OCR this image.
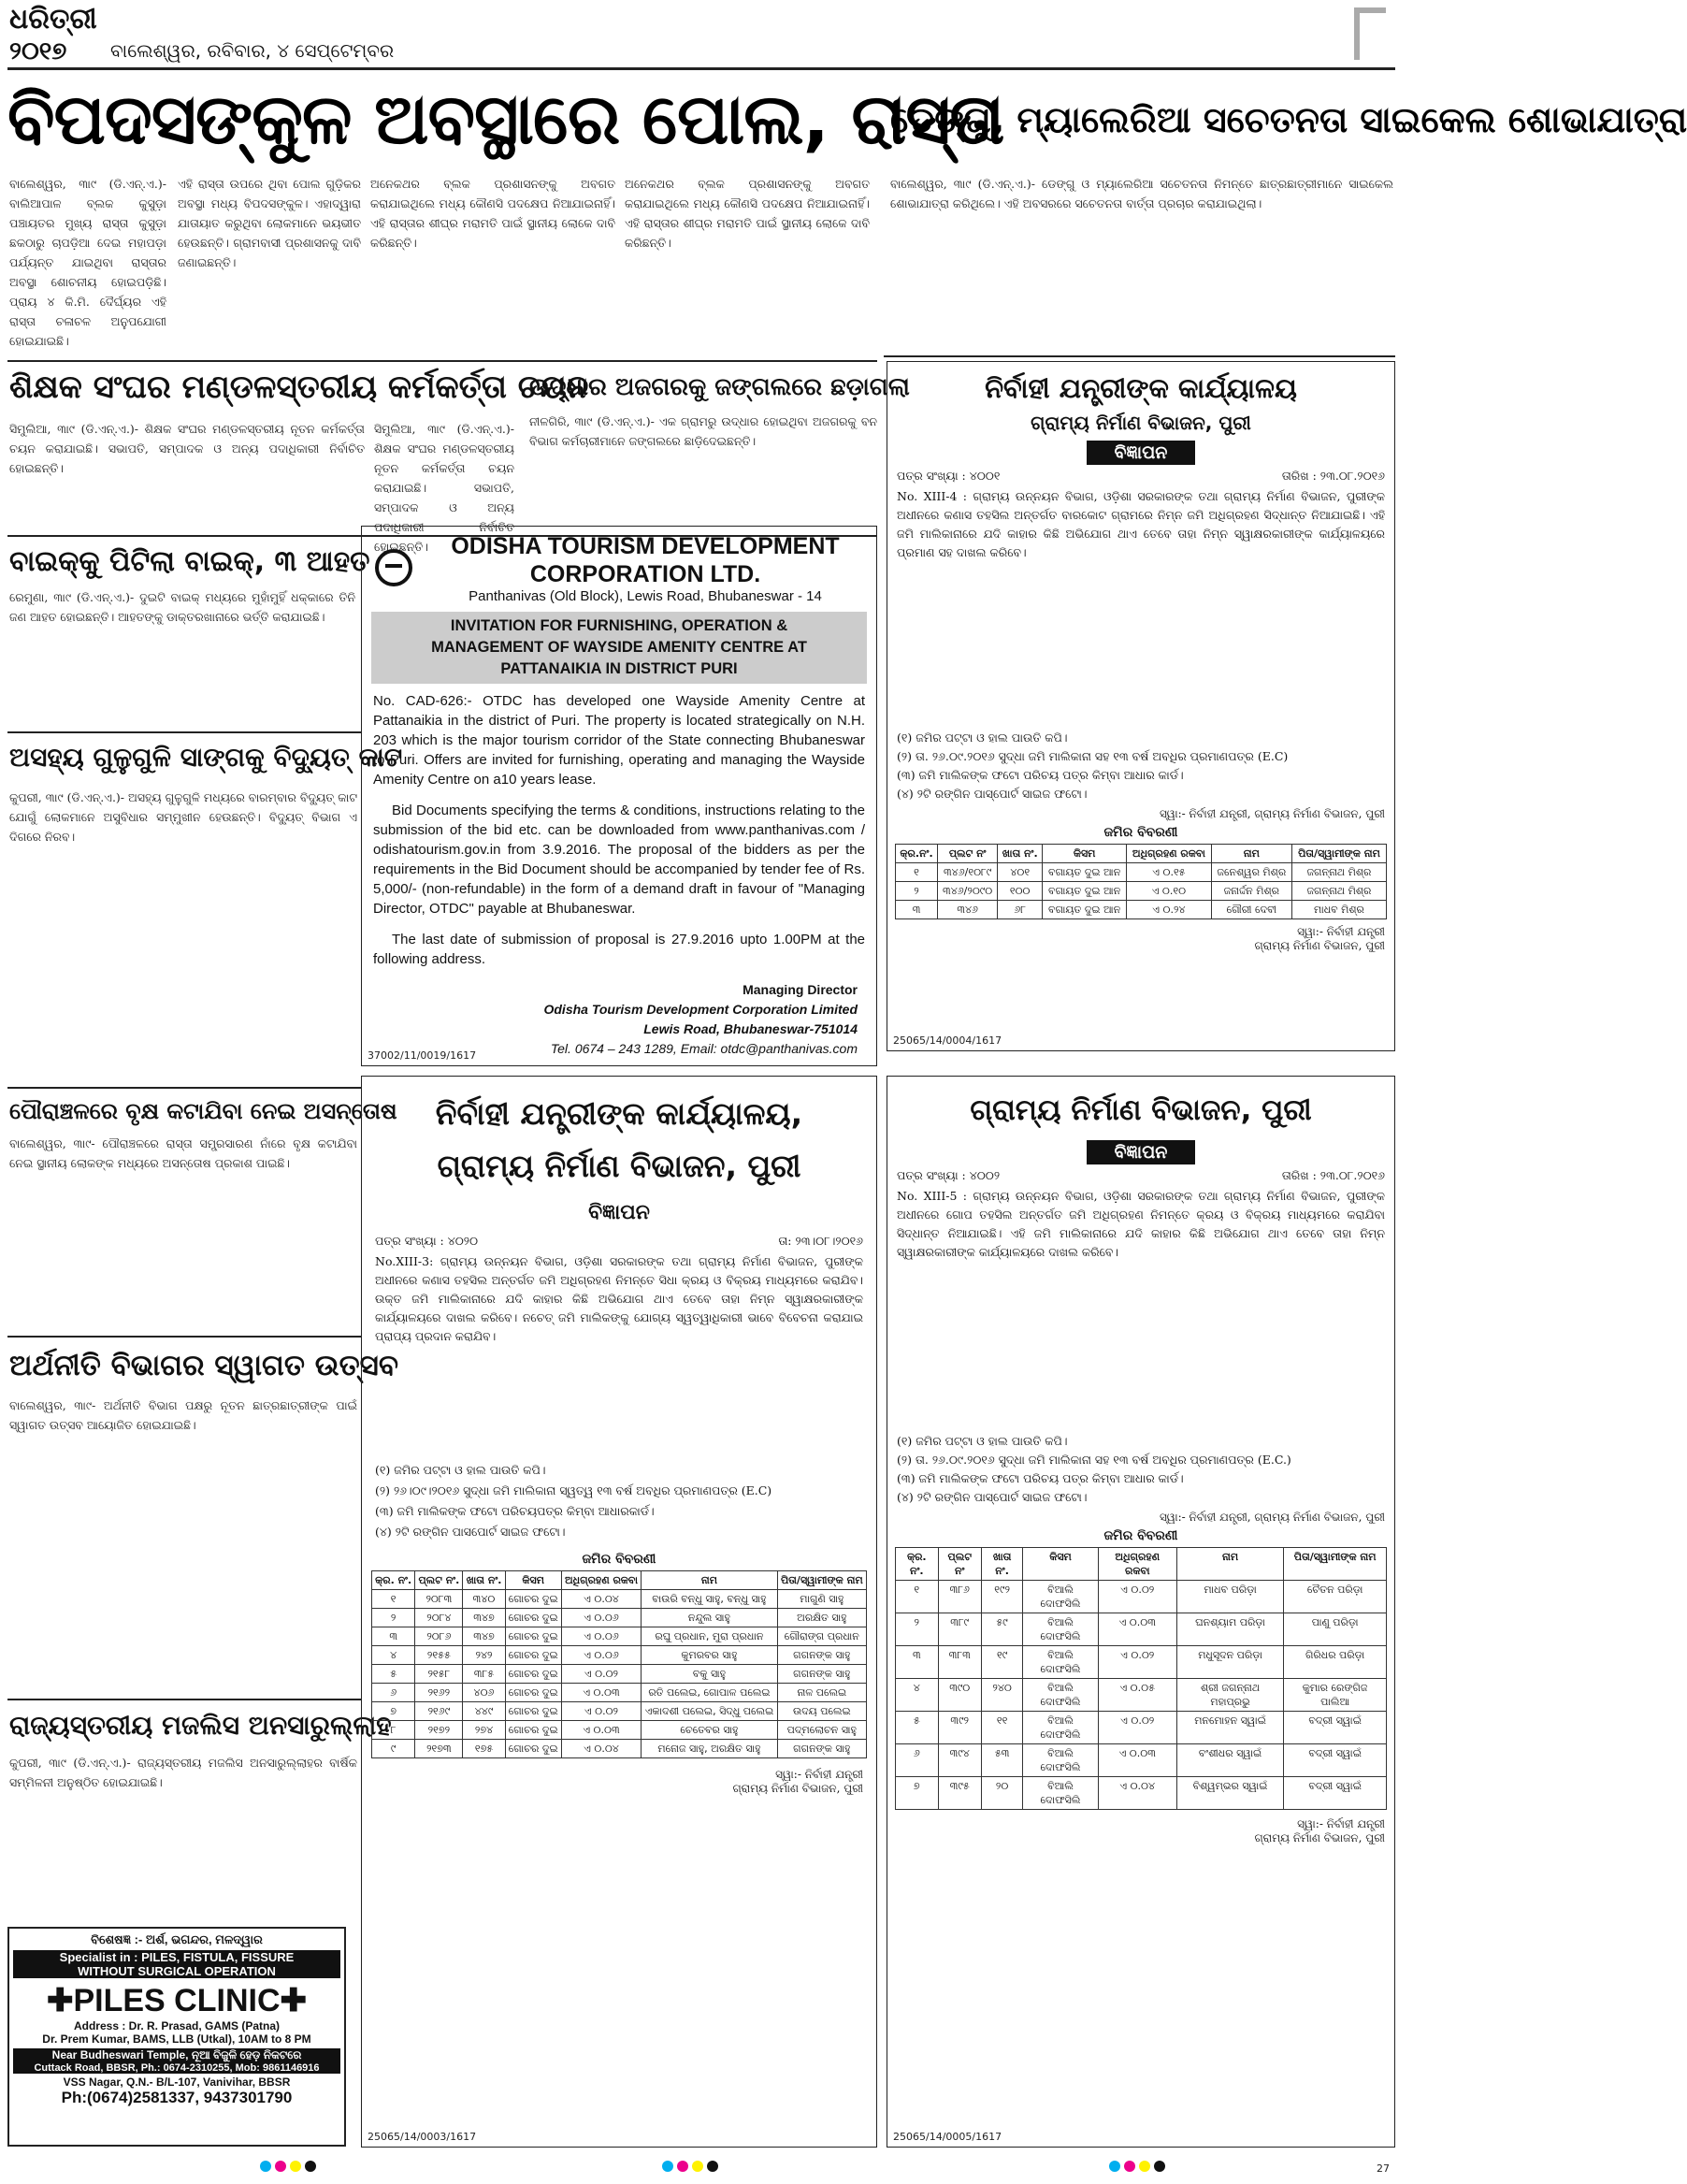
ଧରିତ୍ରୀ
୨୦୧୭ ବାଲେଶ୍ୱର, ରବିବାର, ୪ ସେପ୍ଟେମ୍ବର
ବିପଦସଙ୍କୁଳ ଅବସ୍ଥାରେ ପୋଲ, ରାସ୍ତା
ଡେଙ୍ଗୁ, ମ୍ୟାଲେରିଆ ସଚେତନତା ସାଇକେଲ ଶୋଭାଯାତ୍ରା
ବାଲେଶ୍ୱର, ୩ା୯ (ଡି.ଏନ୍.ଏ.)- ବାଲିଆପାଳ ବ୍ଲକ କୁସୁଡ଼ା ପଞ୍ଚାୟତର ମୁଖ୍ୟ ରାସ୍ତା କୁସୁଡ଼ା ଛକଠାରୁ ଚାପଡ଼ିଆ ଦେଇ ମହାପଡ଼ା ପର୍ଯ୍ୟନ୍ତ ଯାଇଥିବା ରାସ୍ତାର ଅବସ୍ଥା ଶୋଚନୀୟ ହୋଇପଡ଼ିଛି। ପ୍ରାୟ ୪ କି.ମି. ଦୈର୍ଘ୍ୟର ଏହି ରାସ୍ତା ଚଳାଚଳ ଅନୁପଯୋଗୀ ହୋଇଯାଇଛି।
ଏହି ରାସ୍ତା ଉପରେ ଥିବା ପୋଲ ଗୁଡ଼ିକର ଅବସ୍ଥା ମଧ୍ୟ ବିପଦସଙ୍କୁଳ। ଏହାଦ୍ୱାରା ଯାତାୟାତ କରୁଥିବା ଲୋକମାନେ ଭୟଭୀତ ହେଉଛନ୍ତି। ଗ୍ରାମବାସୀ ପ୍ରଶାସନକୁ ଦାବି ଜଣାଇଛନ୍ତି।
ଅନେକଥର ବ୍ଲକ ପ୍ରଶାସନଙ୍କୁ ଅବଗତ କରାଯାଇଥିଲେ ମଧ୍ୟ କୌଣସି ପଦକ୍ଷେପ ନିଆଯାଇନାହିଁ। ଏହି ରାସ୍ତାର ଶୀଘ୍ର ମରାମତି ପାଇଁ ସ୍ଥାନୀୟ ଲୋକେ ଦାବି କରିଛନ୍ତି।
ଅନେକଥର ବ୍ଲକ ପ୍ରଶାସନଙ୍କୁ ଅବଗତ କରାଯାଇଥିଲେ ମଧ୍ୟ କୌଣସି ପଦକ୍ଷେପ ନିଆଯାଇନାହିଁ। ଏହି ରାସ୍ତାର ଶୀଘ୍ର ମରାମତି ପାଇଁ ସ୍ଥାନୀୟ ଲୋକେ ଦାବି କରିଛନ୍ତି।
ବାଲେଶ୍ୱର, ୩ା୯ (ଡି.ଏନ୍.ଏ.)- ଡେଙ୍ଗୁ ଓ ମ୍ୟାଲେରିଆ ସଚେତନତା ନିମନ୍ତେ ଛାତ୍ରଛାତ୍ରୀମାନେ ସାଇକେଲ ଶୋଭାଯାତ୍ରା କରିଥିଲେ। ଏହି ଅବସରରେ ସଚେତନତା ବାର୍ତ୍ତା ପ୍ରଚାର କରାଯାଇଥିଲା।
ଶିକ୍ଷକ ସଂଘର ମଣ୍ଡଳସ୍ତରୀୟ କର୍ମକର୍ତ୍ତା ଚୟନ
ସିମୁଲିଆ, ୩ା୯ (ଡି.ଏନ୍.ଏ.)- ଶିକ୍ଷକ ସଂଘର ମଣ୍ଡଳସ୍ତରୀୟ ନୂତନ କର୍ମକର୍ତ୍ତା ଚୟନ କରାଯାଇଛି। ସଭାପତି, ସମ୍ପାଦକ ଓ ଅନ୍ୟ ପଦାଧିକାରୀ ନିର୍ବାଚିତ ହୋଇଛନ୍ତି।
ସିମୁଲିଆ, ୩ା୯ (ଡି.ଏନ୍.ଏ.)- ଶିକ୍ଷକ ସଂଘର ମଣ୍ଡଳସ୍ତରୀୟ ନୂତନ କର୍ମକର୍ତ୍ତା ଚୟନ କରାଯାଇଛି। ସଭାପତି, ସମ୍ପାଦକ ଓ ଅନ୍ୟ ପଦାଧିକାରୀ ନିର୍ବାଚିତ ହୋଇଛନ୍ତି।
ଉଦ୍ଧାର ଅଜଗରକୁ ଜଙ୍ଗଲରେ ଛଡ଼ାଗଲା
ନୀଳଗିରି, ୩ା୯ (ଡି.ଏନ୍.ଏ.)- ଏକ ଗ୍ରାମରୁ ଉଦ୍ଧାର ହୋଇଥିବା ଅଜଗରକୁ ବନ ବିଭାଗ କର୍ମଚାରୀମାନେ ଜଙ୍ଗଲରେ ଛାଡ଼ିଦେଇଛନ୍ତି।
ବାଇକ୍‌କୁ ପିଟିଲା ବାଇକ୍, ୩ ଆହତ
ରେମୁଣା, ୩ା୯ (ଡି.ଏନ୍.ଏ.)- ଦୁଇଟି ବାଇକ୍ ମଧ୍ୟରେ ମୁହାଁମୁହିଁ ଧକ୍କାରେ ତିନି ଜଣ ଆହତ ହୋଇଛନ୍ତି। ଆହତଙ୍କୁ ଡାକ୍ତରଖାନାରେ ଭର୍ତ୍ତି କରାଯାଇଛି।
ଅସହ୍ୟ ଗୁଳୁଗୁଳି ସାଙ୍ଗକୁ ବିଦ୍ୟୁତ୍ କାଟ
କୁପରୀ, ୩ା୯ (ଡି.ଏନ୍.ଏ.)- ଅସହ୍ୟ ଗୁଳୁଗୁଳି ମଧ୍ୟରେ ବାରମ୍ବାର ବିଦ୍ୟୁତ୍ କାଟ ଯୋଗୁଁ ଲୋକମାନେ ଅସୁବିଧାର ସମ୍ମୁଖୀନ ହେଉଛନ୍ତି। ବିଦ୍ୟୁତ୍ ବିଭାଗ ଏ ଦିଗରେ ନିରବ।
ପୌରାଞ୍ଚଳରେ ବୃକ୍ଷ କଟାଯିବା ନେଇ ଅସନ୍ତୋଷ
ବାଲେଶ୍ୱର, ୩ା୯- ପୌରାଞ୍ଚଳରେ ରାସ୍ତା ସମ୍ପ୍ରସାରଣ ନାଁରେ ବୃକ୍ଷ କଟାଯିବା ନେଇ ସ୍ଥାନୀୟ ଲୋକଙ୍କ ମଧ୍ୟରେ ଅସନ୍ତୋଷ ପ୍ରକାଶ ପାଇଛି।
ଅର୍ଥନୀତି ବିଭାଗର ସ୍ୱାଗତ ଉତ୍ସବ
ବାଲେଶ୍ୱର, ୩ା୯- ଅର୍ଥନୀତି ବିଭାଗ ପକ୍ଷରୁ ନୂତନ ଛାତ୍ରଛାତ୍ରୀଙ୍କ ପାଇଁ ସ୍ୱାଗତ ଉତ୍ସବ ଆୟୋଜିତ ହୋଇଯାଇଛି।
ରାଜ୍ୟସ୍ତରୀୟ ମଜଲିସ ଅନସାରୁଲ୍ଲାହ
କୁପରୀ, ୩ା୯ (ଡି.ଏନ୍.ଏ.)- ରାଜ୍ୟସ୍ତରୀୟ ମଜଲିସ ଅନସାରୁଲ୍ଲାହର ବାର୍ଷିକ ସମ୍ମିଳନୀ ଅନୁଷ୍ଠିତ ହୋଇଯାଇଛି।
ବିଶେଷଜ୍ଞ :- ଅର୍ଶ, ଭଗନ୍ଦର, ମଳଦ୍ୱାର
Specialist in : PILES, FISTULA, FISSURE
WITHOUT SURGICAL OPERATION
✚PILES CLINIC✚
Address : Dr. R. Prasad, GAMS (Patna)
Dr. Prem Kumar, BAMS, LLB (Utkal), 10AM to 8 PM
Near Budheswari Temple, ନୂଆ ବିଜୁଳି ହେଡ଼ ନିକଟରେ
Cuttack Road, BBSR, Ph.: 0674-2310255, Mob: 9861146916
VSS Nagar, Q.N.- B/L-107, Vanivihar, BBSR
Ph:(0674)2581337, 9437301790
ODISHA TOURISM DEVELOPMENT
CORPORATION LTD.
Panthanivas (Old Block), Lewis Road, Bhubaneswar - 14
INVITATION FOR FURNISHING, OPERATION &
MANAGEMENT OF WAYSIDE AMENITY CENTRE AT
PATTANAIKIA IN DISTRICT PURI
No. CAD-626:- OTDC has developed one Wayside Amenity Centre at Pattanaikia in the district of Puri. The property is located strategically on N.H. 203 which is the major tourism corridor of the State connecting Bhubaneswar to Puri. Offers are invited for furnishing, operating and managing the Wayside Amenity Centre on a10 years lease.
Bid Documents specifying the terms & conditions, instructions relating to the submission of the bid etc. can be downloaded from www.panthanivas.com / odishatourism.gov.in from 3.9.2016. The proposal of the bidders as per the requirements in the Bid Document should be accompanied by tender fee of Rs. 5,000/- (non-refundable) in the form of a demand draft in favour of "Managing Director, OTDC" payable at Bhubaneswar.
The last date of submission of proposal is 27.9.2016 upto 1.00PM at the following address.
Managing Director
Odisha Tourism Development Corporation Limited
Lewis Road, Bhubaneswar-751014
Tel. 0674 – 243 1289, Email: otdc@panthanivas.com
37002/11/0019/1617
ନିର୍ବାହୀ ଯନ୍ତ୍ରୀଙ୍କ କାର୍ଯ୍ୟାଳୟ
ଗ୍ରାମ୍ୟ ନିର୍ମାଣ ବିଭାଜନ, ପୁରୀ
ବିଜ୍ଞାପନ
ପତ୍ର ସଂଖ୍ୟା : ୪୦୦୧	ତାରିଖ : ୨୩.୦୮.୨୦୧୬
No. XIII-4 : ଗ୍ରାମ୍ୟ ଉନ୍ନୟନ ବିଭାଗ, ଓଡ଼ିଶା ସରକାରଙ୍କ ତଥା ଗ୍ରାମ୍ୟ ନିର୍ମାଣ ବିଭାଜନ, ପୁରୀଙ୍କ ଅଧୀନରେ କଣାସ ତହସିଲ ଅନ୍ତର୍ଗତ ବାରକୋଟ ଗ୍ରାମରେ ନିମ୍ନ ଜମି ଅଧିଗ୍ରହଣ ସିଦ୍ଧାନ୍ତ ନିଆଯାଇଛି। ଏହି ଜମି ମାଲିକାନାରେ ଯଦି କାହାର କିଛି ଅଭିଯୋଗ ଥାଏ ତେବେ ତାହା ନିମ୍ନ ସ୍ୱାକ୍ଷରକାରୀଙ୍କ କାର୍ଯ୍ୟାଳୟରେ ପ୍ରମାଣ ସହ ଦାଖଲ କରିବେ।
(୧) ଜମିର ପଟ୍ଟା ଓ ହାଲ ପାଉତି କପି।
(୨) ତା. ୨୬.୦୯.୨୦୧୬ ସୁଦ୍ଧା ଜମି ମାଲିକାନା ସହ ୧୩ ବର୍ଷ ଅବଧିର ପ୍ରମାଣପତ୍ର (E.C)
(୩) ଜମି ମାଲିକଙ୍କ ଫଟୋ ପରିଚୟ ପତ୍ର କିମ୍ବା ଆଧାର କାର୍ଡ।
(୪) ୨ଟି ରଙ୍ଗିନ ପାସ୍‌ପୋର୍ଟ ସାଇଜ ଫଟୋ।
ସ୍ୱା:- ନିର୍ବାହୀ ଯନ୍ତ୍ରୀ, ଗ୍ରାମ୍ୟ ନିର୍ମାଣ ବିଭାଜନ, ପୁରୀ
ଜମିର ବିବରଣୀ
କ୍ର.ନଂ.	ପ୍ଲଟ ନଂ	ଖାତା ନଂ.	କିସମ	ଅଧିଗ୍ରହଣ ରକବା	ନାମ	ପିତା/ସ୍ୱାମୀଙ୍କ ନାମ
୧	୩୪୬/୧୦୮୯	୪୦୧	ବଗାୟତ ଦୁଇ ଆନ	ଏ ୦.୧୫	ଜନେଶ୍ୱର ମିଶ୍ର	ଜଗନ୍ନାଥ ମିଶ୍ର
୨	୩୪୬/୨୦୯୦	୧୦୦	ବଗାୟତ ଦୁଇ ଆନ	ଏ ୦.୧୦	ଜନାର୍ଦ୍ଦନ ମିଶ୍ର	ଜଗନ୍ନାଥ ମିଶ୍ର
୩	୩୪୬	୬୮	ବଗାୟତ ଦୁଇ ଆନ	ଏ ୦.୨୪	ଗୌରୀ ଦେବୀ	ମାଧବ ମିଶ୍ର
ସ୍ୱା:- ନିର୍ବାହୀ ଯନ୍ତ୍ରୀ
ଗ୍ରାମ୍ୟ ନିର୍ମାଣ ବିଭାଜନ, ପୁରୀ
25065/14/0004/1617
ନିର୍ବାହୀ ଯନ୍ତ୍ରୀଙ୍କ କାର୍ଯ୍ୟାଳୟ,
ଗ୍ରାମ୍ୟ ନିର୍ମାଣ ବିଭାଜନ, ପୁରୀ
ବିଜ୍ଞାପନ
ପତ୍ର ସଂଖ୍ୟା : ୪୦୨୦	ତା: ୨୩।୦୮।୨୦୧୬
No.XIII-3: ଗ୍ରାମ୍ୟ ଉନ୍ନୟନ ବିଭାଗ, ଓଡ଼ିଶା ସରକାରଙ୍କ ତଥା ଗ୍ରାମ୍ୟ ନିର୍ମାଣ ବିଭାଜନ, ପୁରୀଙ୍କ ଅଧୀନରେ କଣାସ ତହସିଲ ଅନ୍ତର୍ଗତ ଜମି ଅଧିଗ୍ରହଣ ନିମନ୍ତେ ସିଧା କ୍ରୟ ଓ ବିକ୍ରୟ ମାଧ୍ୟମରେ କରାଯିବ। ଉକ୍ତ ଜମି ମାଲିକାନାରେ ଯଦି କାହାର କିଛି ଅଭିଯୋଗ ଥାଏ ତେବେ ତାହା ନିମ୍ନ ସ୍ୱାକ୍ଷରକାରୀଙ୍କ କାର୍ଯ୍ୟାଳୟରେ ଦାଖଲ କରିବେ। ନଚେତ୍ ଜମି ମାଲିକଙ୍କୁ ଯୋଗ୍ୟ ସ୍ୱତ୍ୱାଧିକାରୀ ଭାବେ ବିବେଚନା କରାଯାଇ ପ୍ରାପ୍ୟ ପ୍ରଦାନ କରାଯିବ।
(୧) ଜମିର ପଟ୍ଟା ଓ ହାଲ ପାଉତି କପି।
(୨) ୨୬।୦୯।୨୦୧୬ ସୁଦ୍ଧା ଜମି ମାଲିକାନା ସ୍ୱତ୍ୱ ୧୩ ବର୍ଷ ଅବଧିର ପ୍ରମାଣପତ୍ର (E.C)
(୩) ଜମି ମାଲିକଙ୍କ ଫଟୋ ପରିଚୟପତ୍ର କିମ୍ବା ଆଧାରକାର୍ଡ।
(୪) ୨ଟି ରଙ୍ଗିନ ପାସପୋର୍ଟ ସାଇଜ ଫଟୋ।
ଜମିର ବିବରଣୀ
କ୍ର. ନଂ.	ପ୍ଲଟ ନଂ.	ଖାତା ନଂ.	କିସମ	ଅଧିଗ୍ରହଣ ରକବା	ନାମ	ପିତା/ସ୍ୱାମୀଙ୍କ ନାମ
୧	୨୦୮୩	୩୪୦	ଗୋଚର ଦୁଇ	ଏ ୦.୦୪	ବାଉରି ବନ୍ଧୁ ସାହୁ, ବନ୍ଧୁ ସାହୁ	ମାଗୁଣି ସାହୁ
୨	୨୦୮୪	୩୪୭	ଗୋଚର ଦୁଇ	ଏ ୦.୦୬	ନନ୍ଦୁଲ ସାହୁ	ଅରକ୍ଷିତ ସାହୁ
୩	୨୦୮୬	୩୪୭	ଗୋଚର ଦୁଇ	ଏ ୦.୦୬	ରଘୁ ପ୍ରଧାନ, ମୁରା ପ୍ରଧାନ	ଗୌରାଙ୍ଗ ପ୍ରଧାନ
୪	୨୧୫୫	୨୪୨	ଗୋଚର ଦୁଇ	ଏ ୦.୦୬	କୁମରବର ସାହୁ	ଗଗନଙ୍କ ସାହୁ
୫	୨୧୫୮	୩୮୫	ଗୋଚର ଦୁଇ	ଏ ୦.୦୨	ବକୁ ସାହୁ	ଗଗନଙ୍କ ସାହୁ
୬	୨୧୬୨	୪୦୬	ଗୋଚର ଦୁଇ	ଏ ୦.୦୩	ରତି ପଲେଇ, ଗୋପାଳ ପଲେଇ	ନାଳ ପଲେଇ
୭	୨୧୬୯	୪୪୯	ଗୋଚର ଦୁଇ	ଏ ୦.୦୨	ଏକାଦଶୀ ପଲେଇ, ସିଦ୍ଧୁ ପଲେଇ	ଉଦୟ ପଲେଇ
୮	୨୧୭୨	୨୭୪	ଗୋଚର ଦୁଇ	ଏ ୦.୦୩	ଚେତେବର ସାହୁ	ପଦ୍ମଲୋଚନ ସାହୁ
୯	୨୧୭୩	୧୭୫	ଗୋଚର ଦୁଇ	ଏ ୦.୦୪	ମନୋଜ ସାହୁ, ଅରକ୍ଷିତ ସାହୁ	ଗଗନଙ୍କ ସାହୁ
ସ୍ୱା:- ନିର୍ବାହୀ ଯନ୍ତ୍ରୀ
ଗ୍ରାମ୍ୟ ନିର୍ମାଣ ବିଭାଜନ, ପୁରୀ
25065/14/0003/1617
ଗ୍ରାମ୍ୟ ନିର୍ମାଣ ବିଭାଜନ, ପୁରୀ
ବିଜ୍ଞାପନ
ପତ୍ର ସଂଖ୍ୟା : ୪୦୦୨	ତାରିଖ : ୨୩.୦୮.୨୦୧୬
No. XIII-5 : ଗ୍ରାମ୍ୟ ଉନ୍ନୟନ ବିଭାଗ, ଓଡ଼ିଶା ସରକାରଙ୍କ ତଥା ଗ୍ରାମ୍ୟ ନିର୍ମାଣ ବିଭାଜନ, ପୁରୀଙ୍କ ଅଧୀନରେ ଗୋପ ତହସିଲ ଅନ୍ତର୍ଗତ ଜମି ଅଧିଗ୍ରହଣ ନିମନ୍ତେ କ୍ରୟ ଓ ବିକ୍ରୟ ମାଧ୍ୟମରେ କରାଯିବା ସିଦ୍ଧାନ୍ତ ନିଆଯାଇଛି। ଏହି ଜମି ମାଲିକାନାରେ ଯଦି କାହାର କିଛି ଅଭିଯୋଗ ଥାଏ ତେବେ ତାହା ନିମ୍ନ ସ୍ୱାକ୍ଷରକାରୀଙ୍କ କାର୍ଯ୍ୟାଳୟରେ ଦାଖଲ କରିବେ।
(୧) ଜମିର ପଟ୍ଟା ଓ ହାଲ ପାଉତି କପି।
(୨) ତା. ୨୬.୦୯.୨୦୧୬ ସୁଦ୍ଧା ଜମି ମାଲିକାନା ସହ ୧୩ ବର୍ଷ ଅବଧିର ପ୍ରମାଣପତ୍ର (E.C.)
(୩) ଜମି ମାଲିକଙ୍କ ଫଟୋ ପରିଚୟ ପତ୍ର କିମ୍ବା ଆଧାର କାର୍ଡ।
(୪) ୨ଟି ରଙ୍ଗିନ ପାସ୍‌ପୋର୍ଟ ସାଇଜ ଫଟୋ।
ସ୍ୱା:- ନିର୍ବାହୀ ଯନ୍ତ୍ରୀ, ଗ୍ରାମ୍ୟ ନିର୍ମାଣ ବିଭାଜନ, ପୁରୀ
ଜମିର ବିବରଣୀ
କ୍ର. ନଂ.	ପ୍ଲଟ ନଂ	ଖାତା ନଂ.	କିସମ	ଅଧିଗ୍ରହଣ ରକବା	ନାମ	ପିତା/ସ୍ୱାମୀଙ୍କ ନାମ
୧	୩୮୬	୧୯୨	ବିଆଲି ଦୋଫସିଲି	ଏ ୦.୦୨	ମାଧବ ପରିଡ଼ା	ଚୈତନ ପରିଡ଼ା
୨	୩୮୯	୫୯	ବିଆଲି ଦୋଫସିଲି	ଏ ୦.୦୩	ଘନଶ୍ୟାମ ପରିଡ଼ା	ପାଣୁ ପରିଡ଼ା
୩	୩୮୩	୧୯	ବିଆଲି ଦୋଫସିଲି	ଏ ୦.୦୨	ମଧୁସୂଦନ ପରିଡ଼ା	ଗିରିଧର ପରିଡ଼ା
୪	୩୯୦	୨୪୦	ବିଆଲି ଦୋଫସିଲି	ଏ ୦.୦୫	ଶ୍ରୀ ଜଗନ୍ନାଥ ମହାପ୍ରଭୁ	କୁମାର ରେଙ୍ଗିଜ ପାଲିଆ
୫	୩୯୨	୧୧	ବିଆଲି ଦୋଫସିଲି	ଏ ୦.୦୨	ମନମୋହନ ସ୍ୱାଇଁ	ବଦ୍ରୀ ସ୍ୱାଇଁ
୬	୩୯୪	୫୩	ବିଆଲି ଦୋଫସିଲି	ଏ ୦.୦୩	ବଂଶୀଧର ସ୍ୱାଇଁ	ବଦ୍ରୀ ସ୍ୱାଇଁ
୭	୩୯୫	୨୦	ବିଆଲି ଦୋଫସିଲି	ଏ ୦.୦୪	ବିଶ୍ୱମ୍ଭର ସ୍ୱାଇଁ	ବଦ୍ରୀ ସ୍ୱାଇଁ
ସ୍ୱା:- ନିର୍ବାହୀ ଯନ୍ତ୍ରୀ
ଗ୍ରାମ୍ୟ ନିର୍ମାଣ ବିଭାଜନ, ପୁରୀ
25065/14/0005/1617
27
